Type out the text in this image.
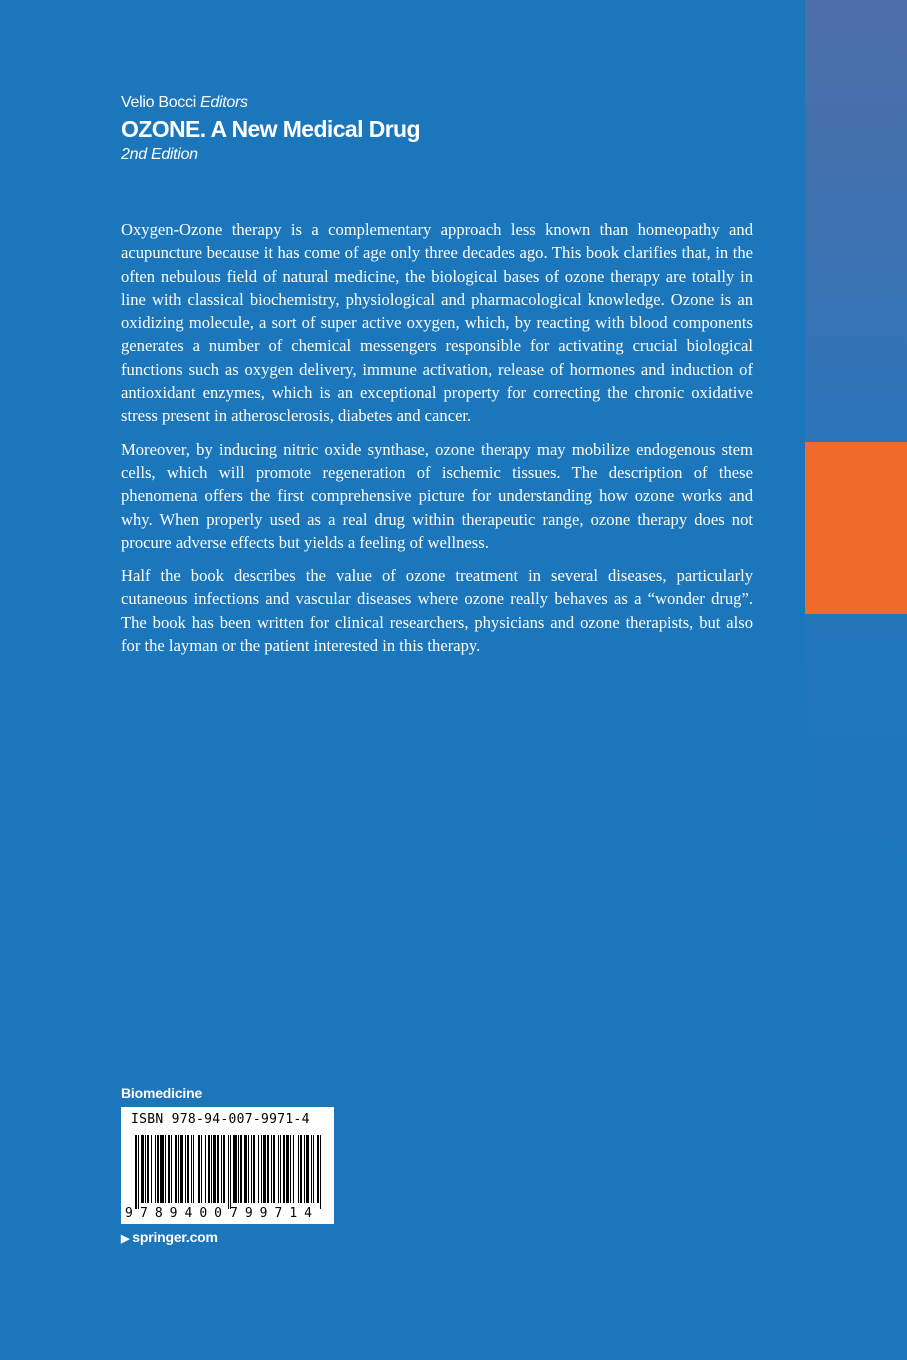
Velio Bocci Editors
OZONE. A New Medical Drug
2nd Edition

Oxygen-Ozone therapy is a complementary approach less known than homeopathy and acupuncture because it has come of age only three decades ago. This book clarifies that, in the often nebulous field of natural medicine, the biological bases of ozone therapy are totally in line with classical biochemistry, physiological and pharmacological knowledge. Ozone is an oxidizing molecule, a sort of super active oxygen, which, by reacting with blood components generates a number of chemical messengers responsible for activating crucial biological functions such as oxygen delivery, immune activation, release of hormones and induction of antioxidant enzymes, which is an exceptional property for correcting the chronic oxidative stress present in atherosclerosis, diabetes and cancer.

Moreover, by inducing nitric oxide synthase, ozone therapy may mobilize endogenous stem cells, which will promote regeneration of ischemic tissues. The description of these phenomena offers the first comprehensive picture for understanding how ozone works and why. When properly used as a real drug within therapeutic range, ozone therapy does not procure adverse effects but yields a feeling of wellness.

Half the book describes the value of ozone treatment in several diseases, particularly cutaneous infections and vascular diseases where ozone really behaves as a “wonder drug”. The book has been written for clinical researchers, physicians and ozone therapists, but also for the layman or the patient interested in this therapy.

Biomedicine
9 789400 799714
ISBN 978-94-007-9971-4
▶ springer.com
